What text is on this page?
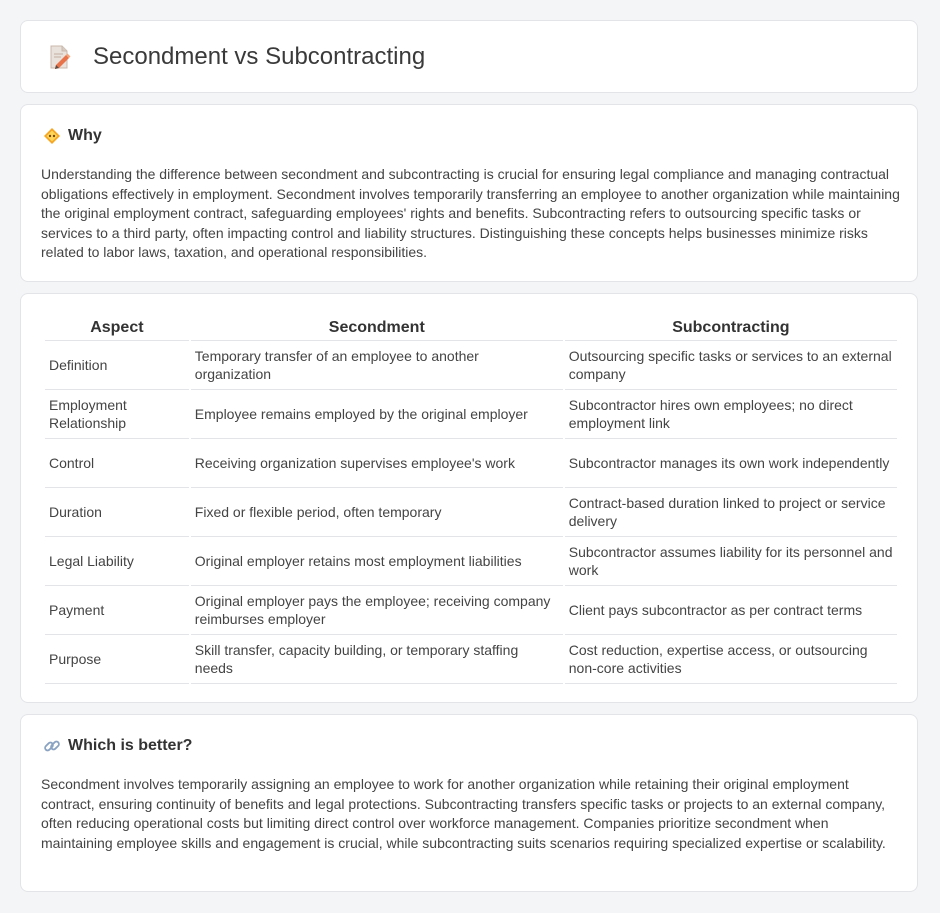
Secondment vs Subcontracting
Why

Understanding the difference between secondment and subcontracting is crucial for ensuring legal compliance and managing contractual obligations effectively in employment. Secondment involves temporarily transferring an employee to another organization while maintaining the original employment contract, safeguarding employees' rights and benefits. Subcontracting refers to outsourcing specific tasks or services to a third party, often impacting control and liability structures. Distinguishing these concepts helps businesses minimize risks related to labor laws, taxation, and operational responsibilities.

Aspect	Secondment	Subcontracting
Definition	Temporary transfer of an employee to another organization	Outsourcing specific tasks or services to an external company
Employment Relationship	Employee remains employed by the original employer	Subcontractor hires own employees; no direct employment link
Control	Receiving organization supervises employee's work	Subcontractor manages its own work independently
Duration	Fixed or flexible period, often temporary	Contract-based duration linked to project or service delivery
Legal Liability	Original employer retains most employment liabilities	Subcontractor assumes liability for its personnel and work
Payment	Original employer pays the employee; receiving company reimburses employer	Client pays subcontractor as per contract terms
Purpose	Skill transfer, capacity building, or temporary staffing needs	Cost reduction, expertise access, or outsourcing non-core activities
Which is better?

Secondment involves temporarily assigning an employee to work for another organization while retaining their original employment contract, ensuring continuity of benefits and legal protections. Subcontracting transfers specific tasks or projects to an external company, often reducing operational costs but limiting direct control over workforce management. Companies prioritize secondment when maintaining employee skills and engagement is crucial, while subcontracting suits scenarios requiring specialized expertise or scalability.
